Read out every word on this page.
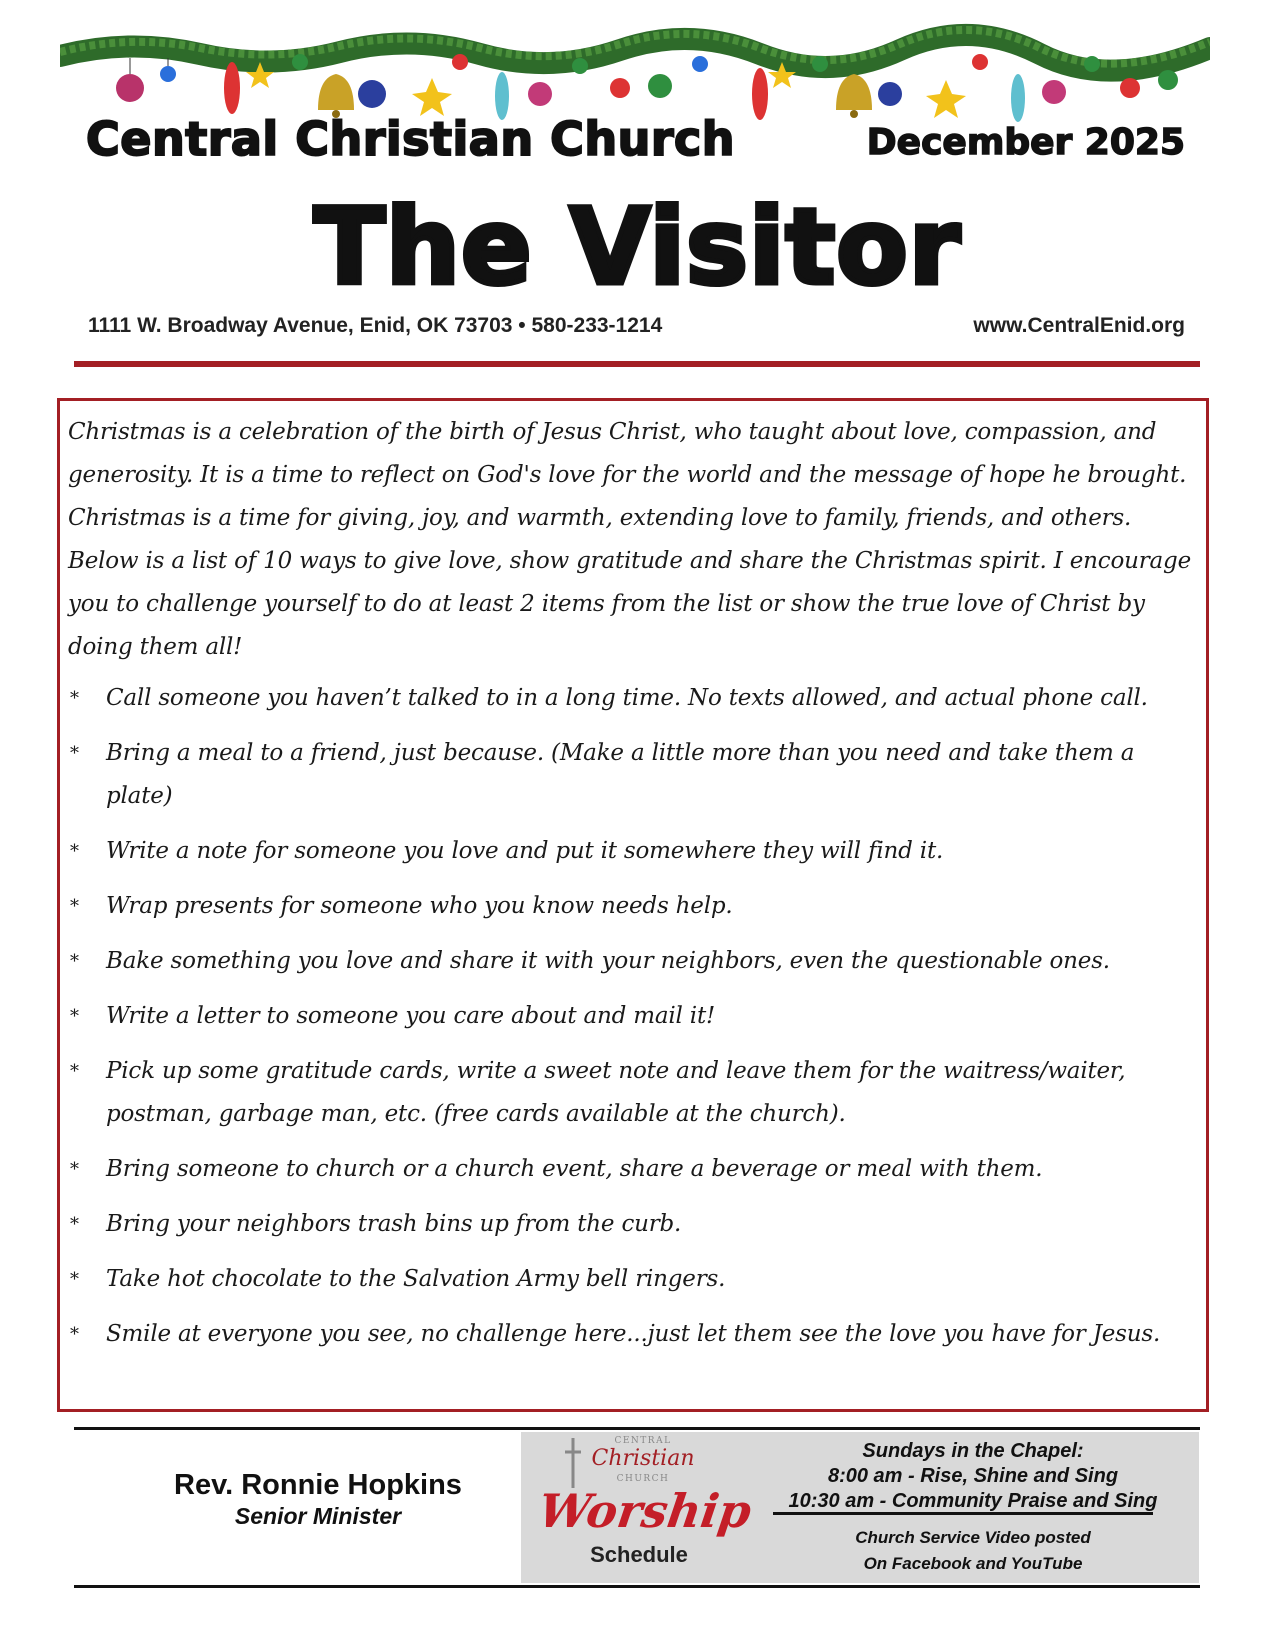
Central Christian Church	December 2025
The Visitor
1111 W. Broadway Avenue, Enid, OK 73703 • 580-233-1214	www.CentralEnid.org

Christmas is a celebration of the birth of Jesus Christ, who taught about love, compassion, and generosity. It is a time to reflect on God's love for the world and the message of hope he brought. Christmas is a time for giving, joy, and warmth, extending love to family, friends, and others. Below is a list of 10 ways to give love, show gratitude and share the Christmas spirit. I encourage you to challenge yourself to do at least 2 items from the list or show the true love of Christ by doing them all!

* Call someone you haven’t talked to in a long time. No texts allowed, and actual phone call.
* Bring a meal to a friend, just because. (Make a little more than you need and take them a plate)
* Write a note for someone you love and put it somewhere they will find it.
* Wrap presents for someone who you know needs help.
* Bake something you love and share it with your neighbors, even the questionable ones.
* Write a letter to someone you care about and mail it!
* Pick up some gratitude cards, write a sweet note and leave them for the waitress/waiter, postman, garbage man, etc. (free cards available at the church).
* Bring someone to church or a church event, share a beverage or meal with them.
* Bring your neighbors trash bins up from the curb.
* Take hot chocolate to the Salvation Army bell ringers.
* Smile at everyone you see, no challenge here...just let them see the love you have for Jesus.
Rev. Ronnie Hopkins
Senior Minister
CENTRAL
Christian
CHURCH
Worship
Schedule
Sundays in the Chapel:
8:00 am - Rise, Shine and Sing
10:30 am - Community Praise and Sing
Church Service Video posted
On Facebook and YouTube
